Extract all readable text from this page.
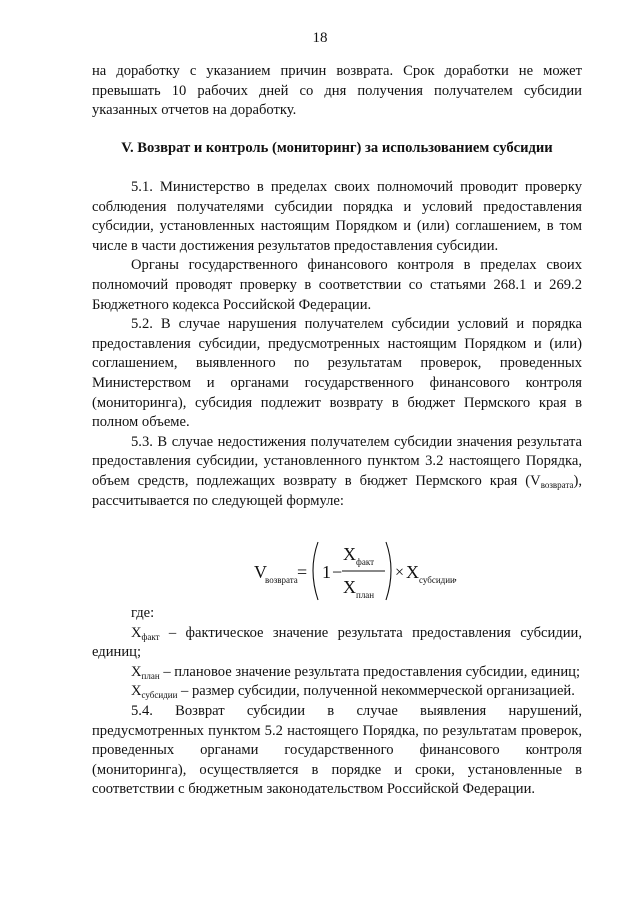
18

на доработку с указанием причин возврата. Срок доработки не может превышать 10 рабочих дней со дня получения получателем субсидии указанных отчетов на доработку.

V. Возврат и контроль (мониторинг) за использованием субсидии

5.1. Министерство в пределах своих полномочий проводит проверку соблюдения получателями субсидии порядка и условий предоставления субсидии, установленных настоящим Порядком и (или) соглашением, в том числе в части достижения результатов предоставления субсидии.

Органы государственного финансового контроля в пределах своих полномочий проводят проверку в соответствии со статьями 268.1 и 269.2 Бюджетного кодекса Российской Федерации.

5.2. В случае нарушения получателем субсидии условий и порядка предоставления субсидии, предусмотренных настоящим Порядком и (или) соглашением, выявленного по результатам проверок, проведенных Министерством и органами государственного финансового контроля (мониторинга), субсидия подлежит возврату в бюджет Пермского края в полном объеме.

5.3. В случае недостижения получателем субсидии значения результата предоставления субсидии, установленного пунктом 3.2 настоящего Порядка, объем средств, подлежащих возврату в бюджет Пермского края $(V_{возврата})$, рассчитывается по следующей формуле:

V
возврата = 1 −
X факт
X план
× X субсидии ,

где:

$X_{факт}$ – фактическое значение результата предоставления субсидии, единиц;

$X_{план}$ – плановое значение результата предоставления субсидии, единиц;

$X_{субсидии}$ – размер субсидии, полученной некоммерческой организацией.

5.4. Возврат субсидии в случае выявления нарушений, предусмотренных пунктом 5.2 настоящего Порядка, по результатам проверок, проведенных органами государственного финансового контроля (мониторинга), осуществляется в порядке и сроки, установленные в соответствии с бюджетным законодательством Российской Федерации.
